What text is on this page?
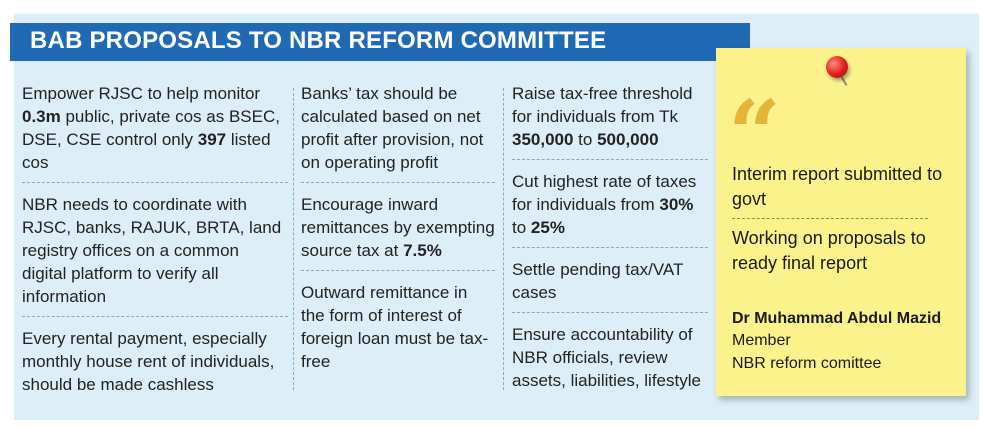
BAB PROPOSALS TO NBR REFORM COMMITTEE
Empower RJSC to help monitor 0.3m public, private cos as BSEC, DSE, CSE control only 397 listed cos
NBR needs to coordinate with RJSC, banks, RAJUK, BRTA, land registry offices on a common digital platform to verify all information
Every rental payment, especially monthly house rent of individuals, should be made cashless
Banks’ tax should be calculated based on net profit after provision, not on operating profit
Encourage inward remittances by exempting source tax at 7.5%
Outward remittance in the form of interest of foreign loan must be tax-free
Raise tax-free threshold for individuals from Tk 350,000 to 500,000
Cut highest rate of taxes for individuals from 30% to 25%
Settle pending tax/VAT cases
Ensure accountability of NBR officials, review assets, liabilities, lifestyle
“
Interim report submitted to govt
Working on proposals to ready final report
Dr Muhammad Abdul Mazid
Member
NBR reform comittee
